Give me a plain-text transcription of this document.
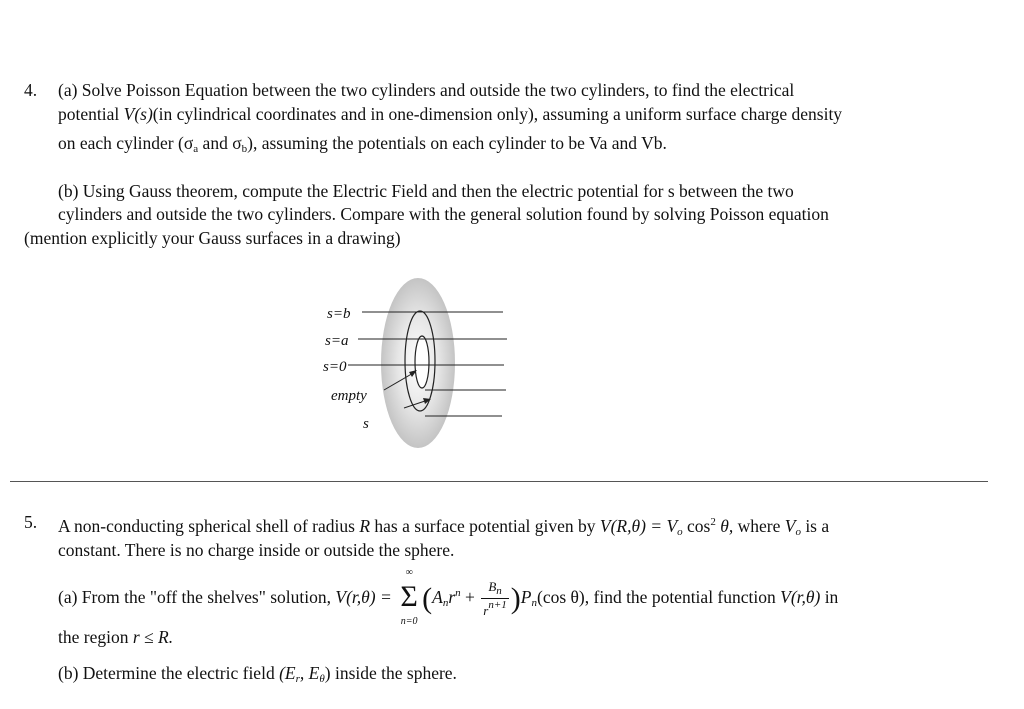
4. (a) Solve Poisson Equation between the two cylinders and outside the two cylinders, to find the electrical
potential V(s)(in cylindrical coordinates and in one-dimension only), assuming a uniform surface charge density
on each cylinder ($\sigma_a$ and $\sigma_b$), assuming the potentials on each cylinder to be Va and Vb.
(b) Using Gauss theorem, compute the Electric Field and then the electric potential for s between the two
cylinders and outside the two cylinders. Compare with the general solution found by solving Poisson equation
(mention explicitly your Gauss surfaces in a drawing)
s=b
s=a
s=0
empty
s
5. A non-conducting spherical shell of radius R has a surface potential given by $V(R,\theta) = V_o$ $\cos^2 \theta$, where $V_o$ is a
constant. There is no charge inside or outside the sphere.
(a) From the "off the shelves" solution, V(r,θ) =
∞
Σ
n=0
$(A_nr^n + \frac{B_n}{r^{n+1}} )P_n(\cos$ θ), find the potential function V(r,θ) in
the region r ≤ R.
(b) Determine the electric field ($E_r$, $E_\theta$) inside the sphere.
